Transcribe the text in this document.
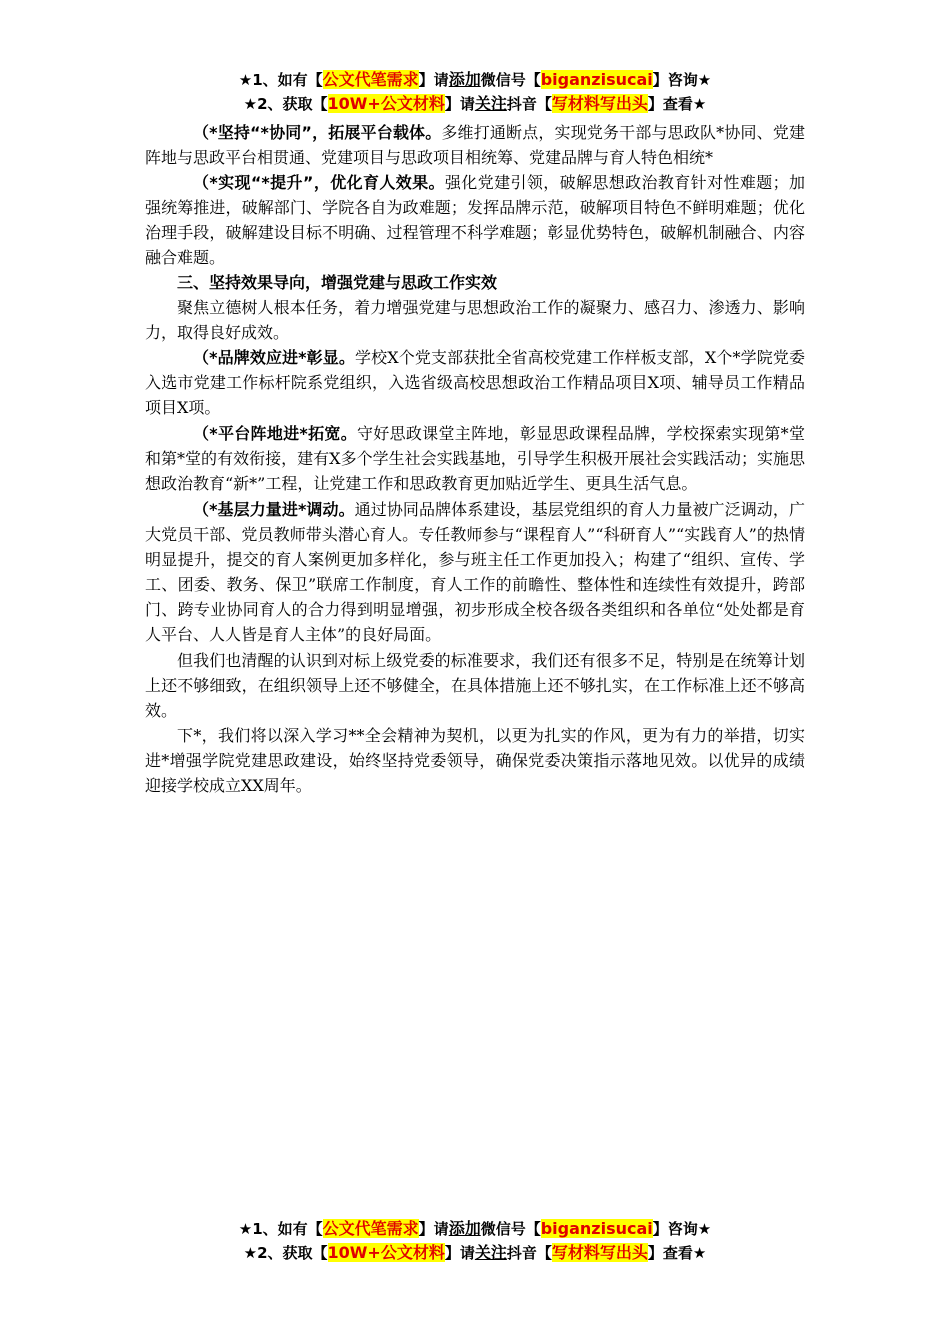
★1、如有【公文代笔需求】请添加微信号【biganzisucai】咨询★
★2、获取【10W+公文材料】请关注抖音【写材料写出头】查看★

（*坚持“*协同”，拓展平台载体。多维打通断点，实现党务干部与思政队*协同、党建阵地与思政平台相贯通、党建项目与思政项目相统筹、党建品牌与育人特色相统*

（*实现“*提升”，优化育人效果。强化党建引领，破解思想政治教育针对性难题；加强统筹推进，破解部门、学院各自为政难题；发挥品牌示范，破解项目特色不鲜明难题；优化治理手段，破解建设目标不明确、过程管理不科学难题；彰显优势特色，破解机制融合、内容融合难题。

三、坚持效果导向，增强党建与思政工作实效

聚焦立德树人根本任务，着力增强党建与思想政治工作的凝聚力、感召力、渗透力、影响力，取得良好成效。

（*品牌效应进*彰显。学校X个党支部获批全省高校党建工作样板支部，X个*学院党委入选市党建工作标杆院系党组织，入选省级高校思想政治工作精品项目X项、辅导员工作精品项目X项。

（*平台阵地进*拓宽。守好思政课堂主阵地，彰显思政课程品牌，学校探索实现第*堂和第*堂的有效衔接，建有X多个学生社会实践基地，引导学生积极开展社会实践活动；实施思想政治教育“新*”工程，让党建工作和思政教育更加贴近学生、更具生活气息。

（*基层力量进*调动。通过协同品牌体系建设，基层党组织的育人力量被广泛调动，广大党员干部、党员教师带头潜心育人。专任教师参与“课程育人”“科研育人”“实践育人”的热情明显提升，提交的育人案例更加多样化，参与班主任工作更加投入；构建了“组织、宣传、学工、团委、教务、保卫”联席工作制度，育人工作的前瞻性、整体性和连续性有效提升，跨部门、跨专业协同育人的合力得到明显增强，初步形成全校各级各类组织和各单位“处处都是育人平台、人人皆是育人主体”的良好局面。

但我们也清醒的认识到对标上级党委的标准要求，我们还有很多不足，特别是在统筹计划上还不够细致，在组织领导上还不够健全，在具体措施上还不够扎实，在工作标准上还不够高效。

下*，我们将以深入学习**全会精神为契机，以更为扎实的作风，更为有力的举措，切实进*增强学院党建思政建设，始终坚持党委领导，确保党委决策指示落地见效。以优异的成绩迎接学校成立XX周年。

★1、如有【公文代笔需求】请添加微信号【biganzisucai】咨询★
★2、获取【10W+公文材料】请关注抖音【写材料写出头】查看★
